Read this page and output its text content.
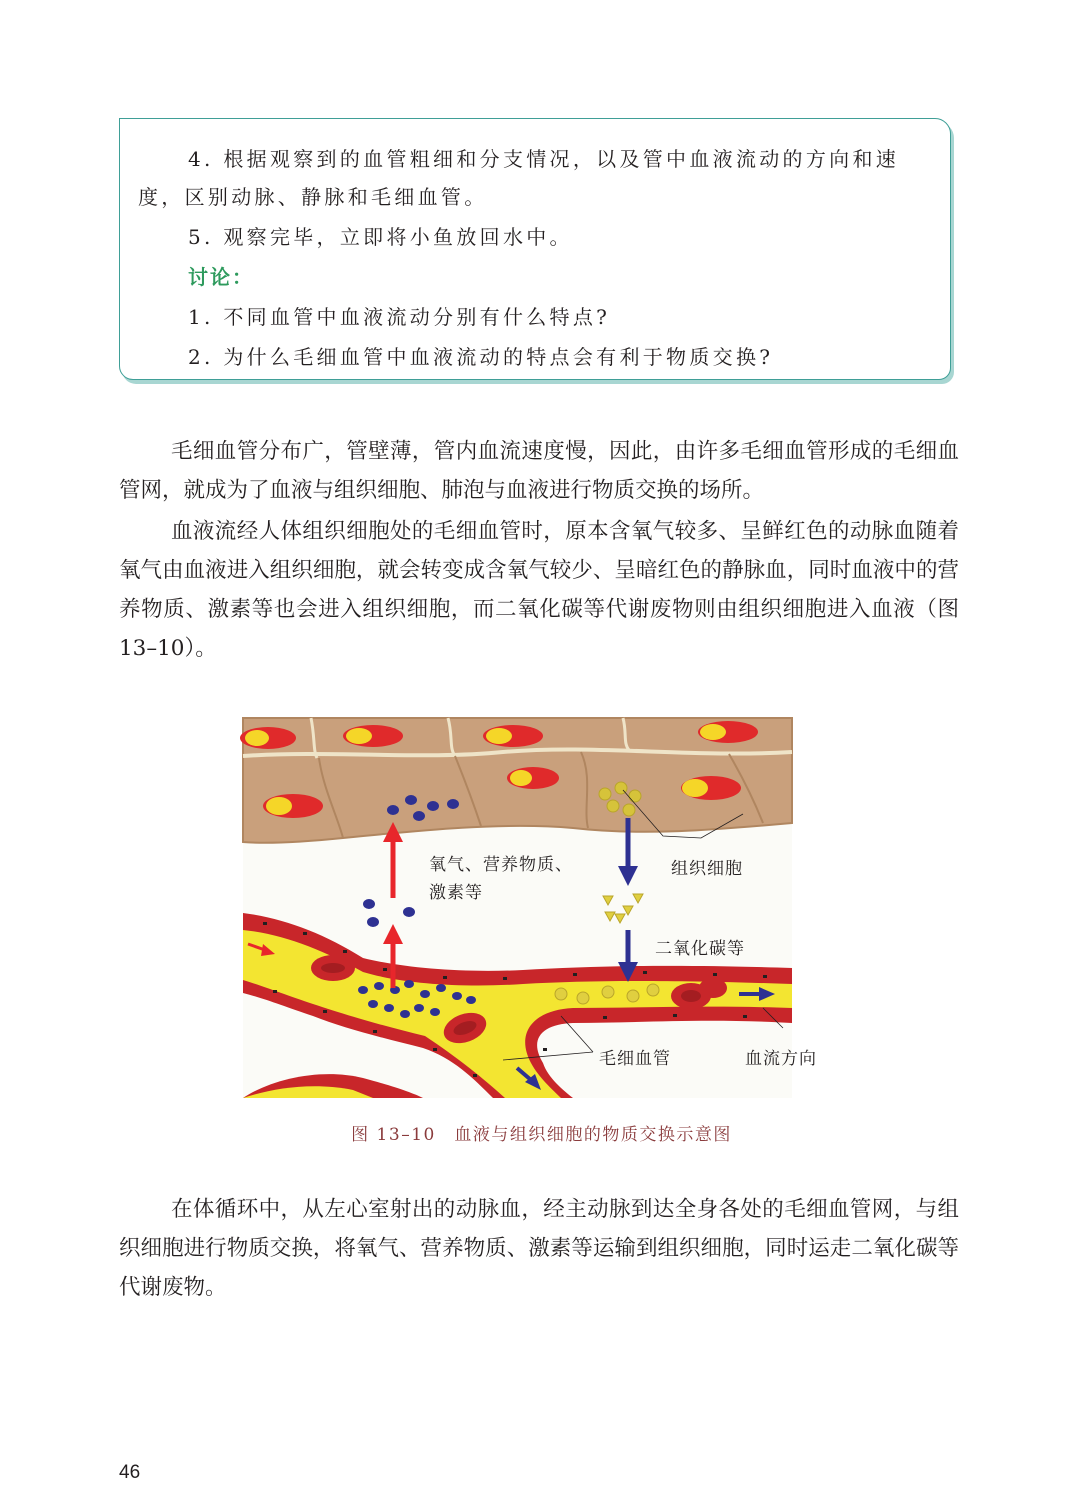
4. 根据观察到的血管粗细和分支情况，以及管中血液流动的方向和速
度，区别动脉、静脉和毛细血管。
5. 观察完毕，立即将小鱼放回水中。
讨论：
1. 不同血管中血液流动分别有什么特点?
2. 为什么毛细血管中血液流动的特点会有利于物质交换?

毛细血管分布广，管壁薄，管内血流速度慢，因此，由许多毛细血管形成的毛细血管网，就成为了血液与组织细胞、肺泡与血液进行物质交换的场所。

血液流经人体组织细胞处的毛细血管时，原本含氧气较多、呈鲜红色的动脉血随着氧气由血液进入组织细胞，就会转变成含氧气较少、呈暗红色的静脉血，同时血液中的营养物质、激素等也会进入组织细胞，而二氧化碳等代谢废物则由组织细胞进入血液（图 13–10）。

氧气、营养物质、
激素等
组织细胞
二氧化碳等
毛细血管	血流方向
图 13–10　血液与组织细胞的物质交换示意图

在体循环中，从左心室射出的动脉血，经主动脉到达全身各处的毛细血管网，与组织细胞进行物质交换，将氧气、营养物质、激素等运输到组织细胞，同时运走二氧化碳等代谢废物。

46
